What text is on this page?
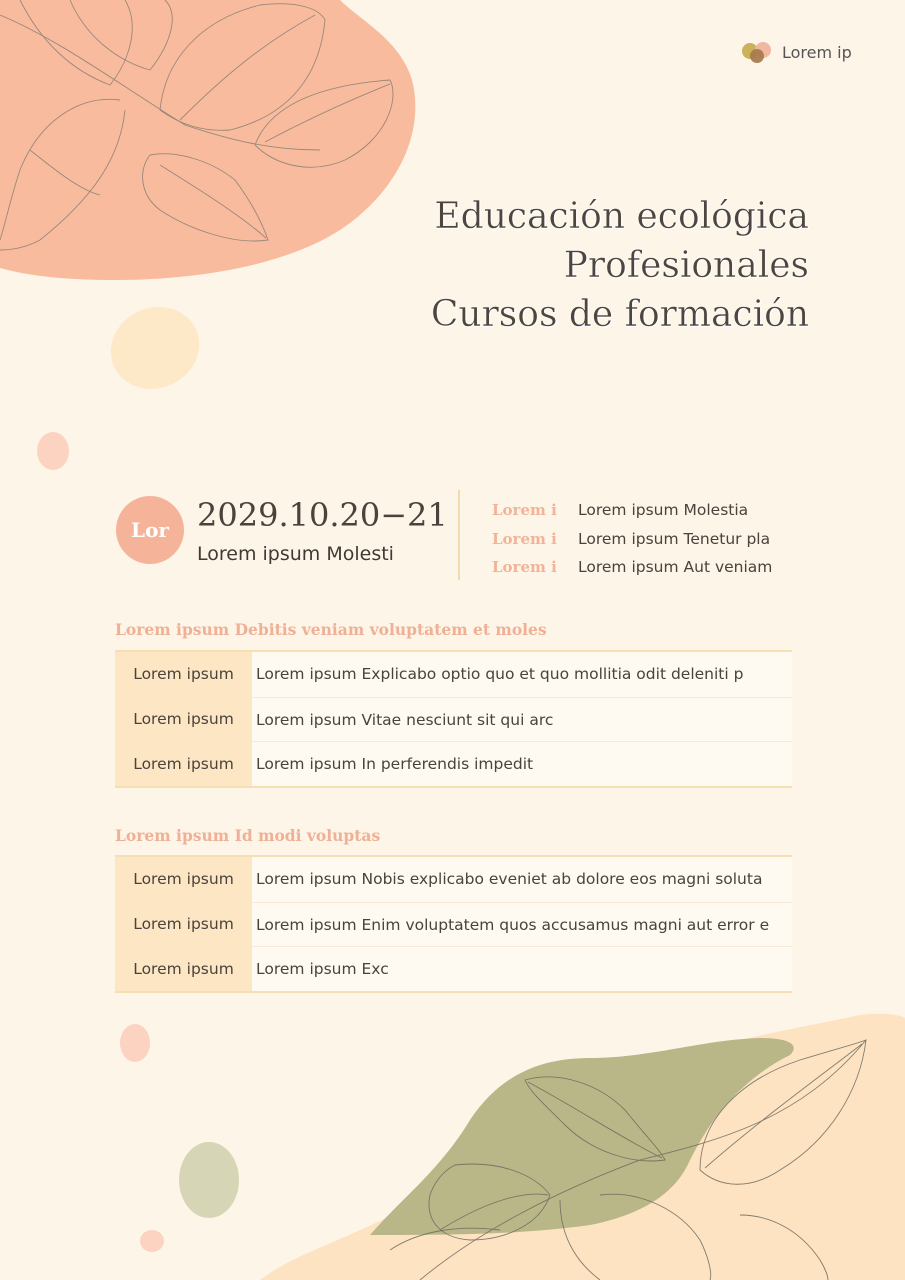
Lorem ip
Educación ecológica
Profesionales
Cursos de formación
Lor 2029.10.20−21
Lorem ipsum Molesti
Lorem i	Lorem ipsum Molestia
Lorem i	Lorem ipsum Tenetur pla
Lorem i	Lorem ipsum Aut veniam
Lorem ipsum Debitis veniam voluptatem et moles
Lorem ipsum	Lorem ipsum Explicabo optio quo et quo mollitia odit deleniti p
Lorem ipsum	Lorem ipsum Vitae nesciunt sit qui arc
Lorem ipsum	Lorem ipsum In perferendis impedit
Lorem ipsum Id modi voluptas
Lorem ipsum	Lorem ipsum Nobis explicabo eveniet ab dolore eos magni soluta
Lorem ipsum	Lorem ipsum Enim voluptatem quos accusamus magni aut error e
Lorem ipsum	Lorem ipsum Exc
